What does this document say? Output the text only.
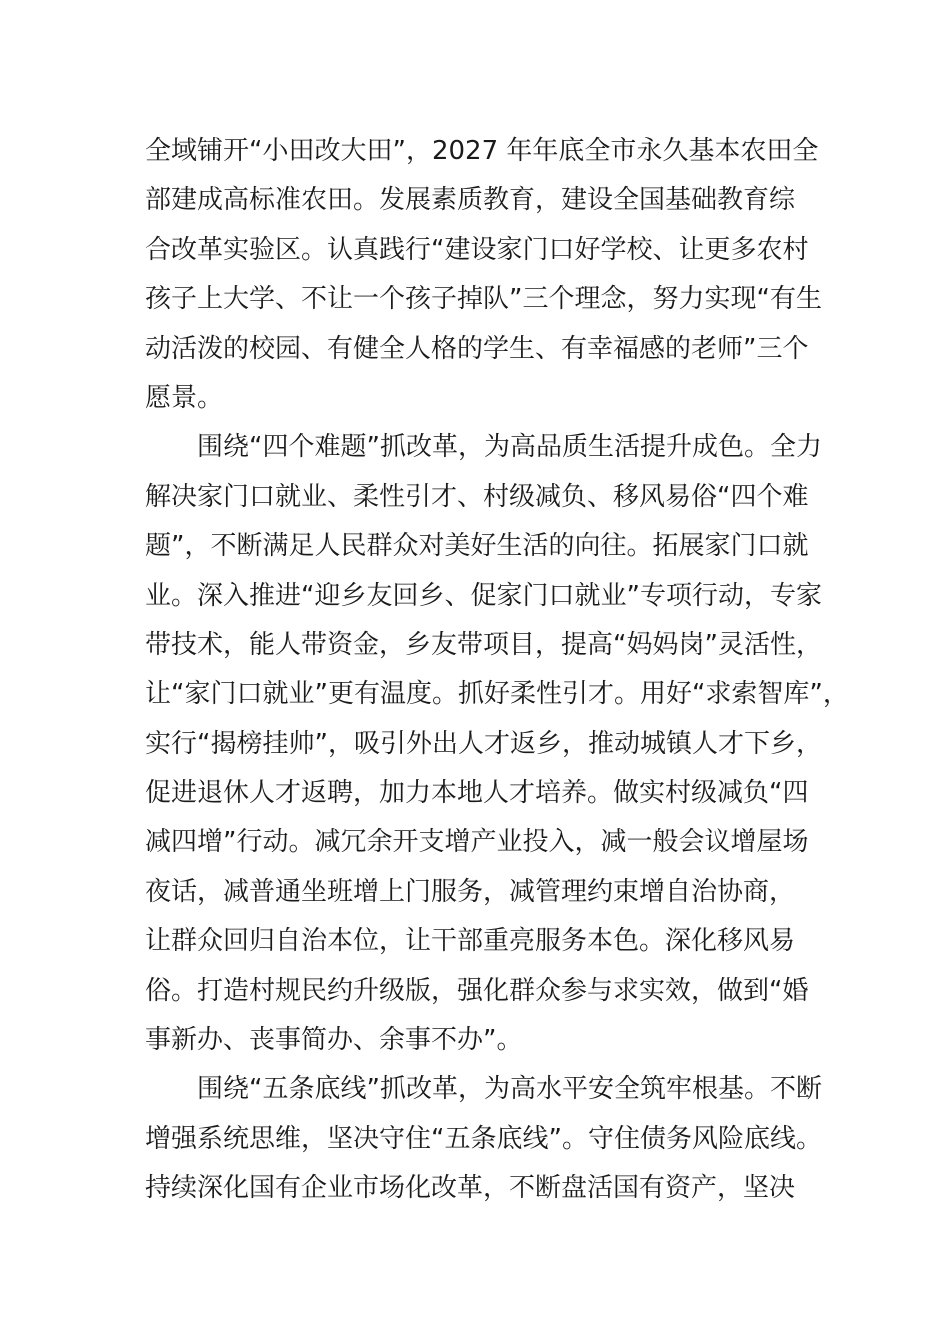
全域铺开“小田改大田”，2027 年年底全市永久基本农田全
部建成高标准农田。发展素质教育，建设全国基础教育综
合改革实验区。认真践行“建设家门口好学校、让更多农村
孩子上大学、不让一个孩子掉队”三个理念，努力实现“有生
动活泼的校园、有健全人格的学生、有幸福感的老师”三个
愿景。

围绕“四个难题”抓改革，为高品质生活提升成色。全力
解决家门口就业、柔性引才、村级减负、移风易俗“四个难
题”，不断满足人民群众对美好生活的向往。拓展家门口就
业。深入推进“迎乡友回乡、促家门口就业”专项行动，专家
带技术，能人带资金，乡友带项目，提高“妈妈岗”灵活性，
让“家门口就业”更有温度。抓好柔性引才。用好“求索智库”，
实行“揭榜挂帅”，吸引外出人才返乡，推动城镇人才下乡，
促进退休人才返聘，加力本地人才培养。做实村级减负“四
减四增”行动。减冗余开支增产业投入，减一般会议增屋场
夜话，减普通坐班增上门服务，减管理约束增自治协商，
让群众回归自治本位，让干部重亮服务本色。深化移风易
俗。打造村规民约升级版，强化群众参与求实效，做到“婚
事新办、丧事简办、余事不办”。

围绕“五条底线”抓改革，为高水平安全筑牢根基。不断
增强系统思维，坚决守住“五条底线”。守住债务风险底线。
持续深化国有企业市场化改革，不断盘活国有资产，坚决
